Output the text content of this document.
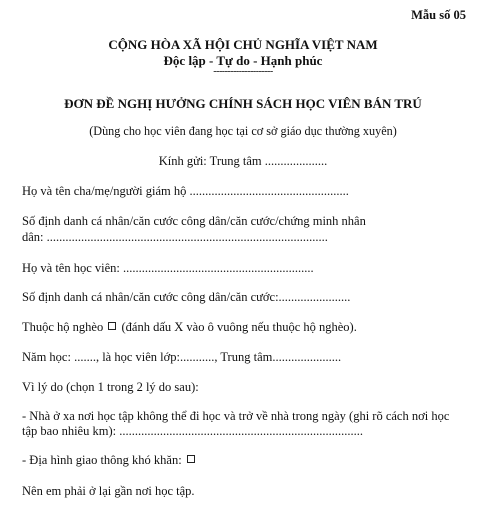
Mẫu số 05
CỘNG HÒA XÃ HỘI CHỦ NGHĨA VIỆT NAM
Độc lập - Tự do - Hạnh phúc
---------------------
ĐƠN ĐỀ NGHỊ HƯỞNG CHÍNH SÁCH HỌC VIÊN BÁN TRÚ
(Dùng cho học viên đang học tại cơ sở giáo dục thường xuyên)
Kính gửi: Trung tâm ....................
Họ và tên cha/mẹ/người giám hộ ...................................................
Số định danh cá nhân/căn cước công dân/căn cước/chứng minh nhân
dân: ..........................................................................................
Họ và tên học viên: .............................................................
Số định danh cá nhân/căn cước công dân/căn cước:.......................
Thuộc hộ nghèo (đánh dấu X vào ô vuông nếu thuộc hộ nghèo).
Năm học: ......., là học viên lớp:..........., Trung tâm......................
Vì lý do (chọn 1 trong 2 lý do sau):
- Nhà ở xa nơi học tập không thể đi học và trở về nhà trong ngày (ghi rõ cách nơi học
tập bao nhiêu km): ..............................................................................
- Địa hình giao thông khó khăn:
Nên em phải ở lại gần nơi học tập.
